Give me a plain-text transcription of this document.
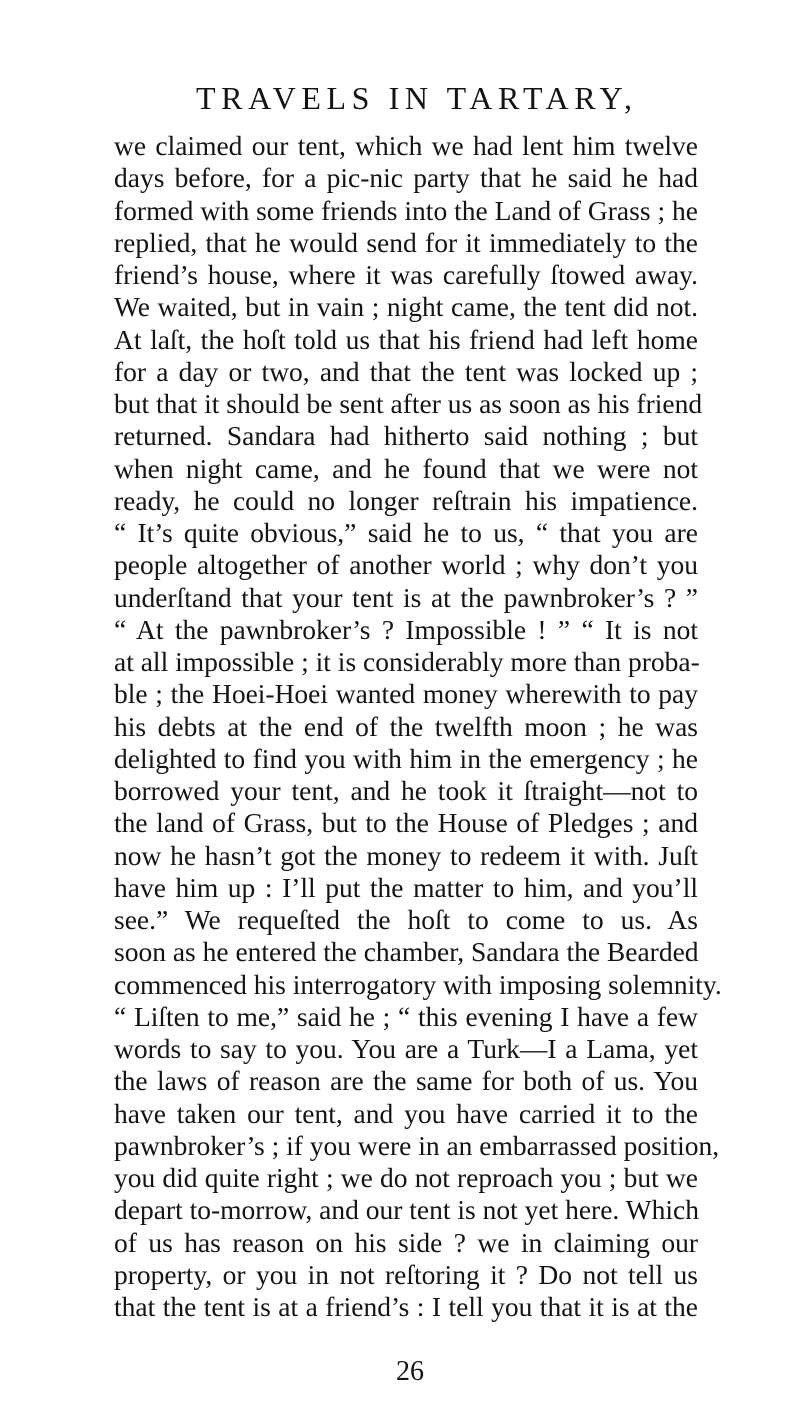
TRAVELS IN TARTARY,
we claimed our tent, which we had lent him twelve
days before, for a pic-nic party that he said he had
formed with some friends into the Land of Grass ; he
replied, that he would send for it immediately to the
friend’s house, where it was carefully ſtowed away.
We waited, but in vain ; night came, the tent did not.
At laſt, the hoſt told us that his friend had left home
for a day or two, and that the tent was locked up ;
but that it should be sent after us as soon as his friend
returned. Sandara had hitherto said nothing ; but
when night came, and he found that we were not
ready, he could no longer reſtrain his impatience.
“ It’s quite obvious,” said he to us, “ that you are
people altogether of another world ; why don’t you
underſtand that your tent is at the pawnbroker’s ? ”
“ At the pawnbroker’s ? Impossible ! ” “ It is not
at all impossible ; it is considerably more than proba-
ble ; the Hoei-Hoei wanted money wherewith to pay
his debts at the end of the twelfth moon ; he was
delighted to find you with him in the emergency ; he
borrowed your tent, and he took it ſtraight—not to
the land of Grass, but to the House of Pledges ; and
now he hasn’t got the money to redeem it with. Juſt
have him up : I’ll put the matter to him, and you’ll
see.” We requeſted the hoſt to come to us. As
soon as he entered the chamber, Sandara the Bearded
commenced his interrogatory with imposing solemnity.
“ Liſten to me,” said he ; “ this evening I have a few
words to say to you. You are a Turk—I a Lama, yet
the laws of reason are the same for both of us. You
have taken our tent, and you have carried it to the
pawnbroker’s ; if you were in an embarrassed position,
you did quite right ; we do not reproach you ; but we
depart to-morrow, and our tent is not yet here. Which
of us has reason on his side ? we in claiming our
property, or you in not reſtoring it ? Do not tell us
that the tent is at a friend’s : I tell you that it is at the
26
